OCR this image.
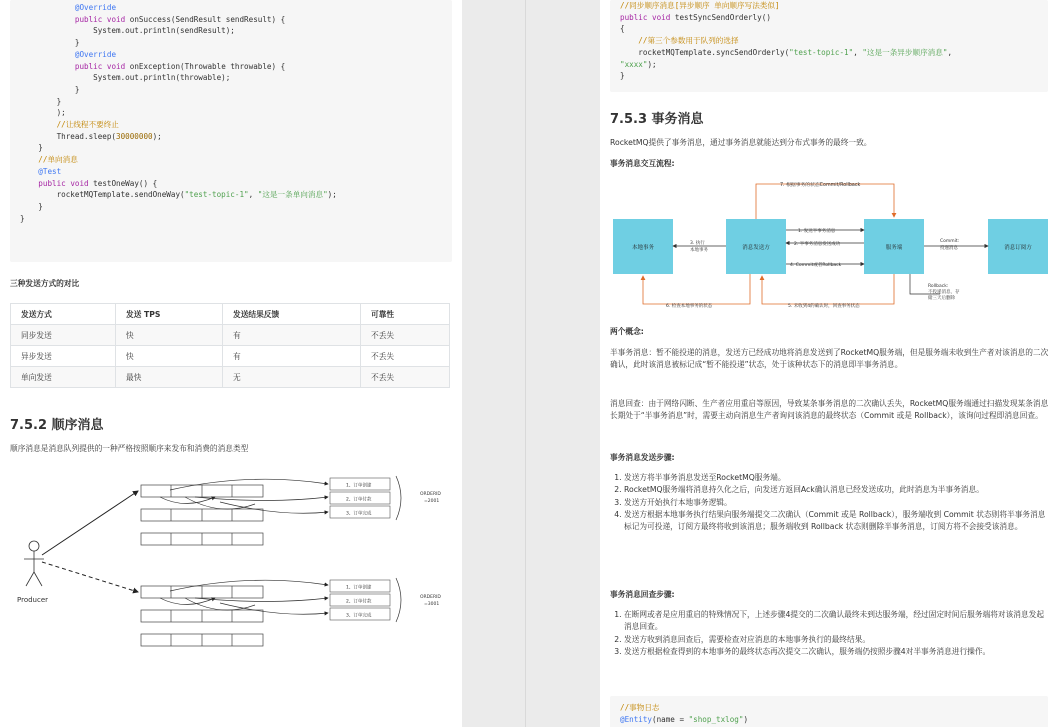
@Override
public void onSuccess(SendResult sendResult) {
System.out.println(sendResult);
}
@Override
public void onException(Throwable throwable) {
System.out.println(throwable);
}
}
);
//让线程不要终止
Thread.sleep(30000000);
}
//单向消息
@Test
public void testOneWay() {
rocketMQTemplate.sendOneWay("test-topic-1", "这是一条单向消息");
}
}
三种发送方式的对比
发送方式	发送 TPS	发送结果反馈	可靠性
同步发送	快	有	不丢失
异步发送	快	有	不丢失
单向发送	最快	无	不丢失
7.5.2 顺序消息

顺序消息是消息队列提供的一种严格按照顺序来发布和消费的消息类型

Producer
1、订单创建
2、订单付款
3、订单完成
ORDERID
=2001
1、订单创建
2、订单付款
3、订单完成
ORDERID
=3001
//同步顺序消息[异步顺序 单向顺序写法类似]
public void testSyncSendOrderly()
{
//第三个参数用于队列的选择
rocketMQTemplate.syncSendOrderly("test-topic-1", "这是一条异步顺序消息",
"xxxx");
}
7.5.3 事务消息

RocketMQ提供了事务消息，通过事务消息就能达到分布式事务的最终一致。

事务消息交互流程:
本地事务	消息发送方	服务端	消息订阅方
7. 根据事务的状态Commit/Rollback
1. 发送半事务消息
2. 半事务消息发送成功
4. Commit或者Rollback
3. 执行
本地事务
Commit:
投递消息
Rollback:
不投递消息，存
储三天后删除
5. 未收到4的确认时，回查事务状态
6. 检查本地事务的状态
两个概念:

半事务消息：暂不能投递的消息，发送方已经成功地将消息发送到了RocketMQ服务端，但是服务端未收到生产者对该消息的二次确认，此时该消息被标记成“暂不能投递”状态，处于该种状态下的消息即半事务消息。

消息回查：由于网络闪断、生产者应用重启等原因，导致某条事务消息的二次确认丢失，RocketMQ服务端通过扫描发现某条消息长期处于“半事务消息”时，需要主动向消息生产者询问该消息的最终状态（Commit 或是 Rollback），该询问过程即消息回查。

事务消息发送步骤:
1. 发送方将半事务消息发送至RocketMQ服务端。
2. RocketMQ服务端将消息持久化之后，向发送方返回Ack确认消息已经发送成功，此时消息为半事务消息。
3. 发送方开始执行本地事务逻辑。
4. 发送方根据本地事务执行结果向服务端提交二次确认（Commit 或是 Rollback），服务端收到 Commit 状态则将半事务消息标记为可投递，订阅方最终将收到该消息；服务端收到 Rollback 状态则删除半事务消息，订阅方将不会接受该消息。
事务消息回查步骤:
1. 在断网或者是应用重启的特殊情况下，上述步骤4提交的二次确认最终未到达服务端，经过固定时间后服务端将对该消息发起消息回查。
2. 发送方收到消息回查后，需要检查对应消息的本地事务执行的最终结果。
3. 发送方根据检查得到的本地事务的最终状态再次提交二次确认，服务端仍按照步骤4对半事务消息进行操作。
//事物日志
@Entity(name = "shop_txlog")
